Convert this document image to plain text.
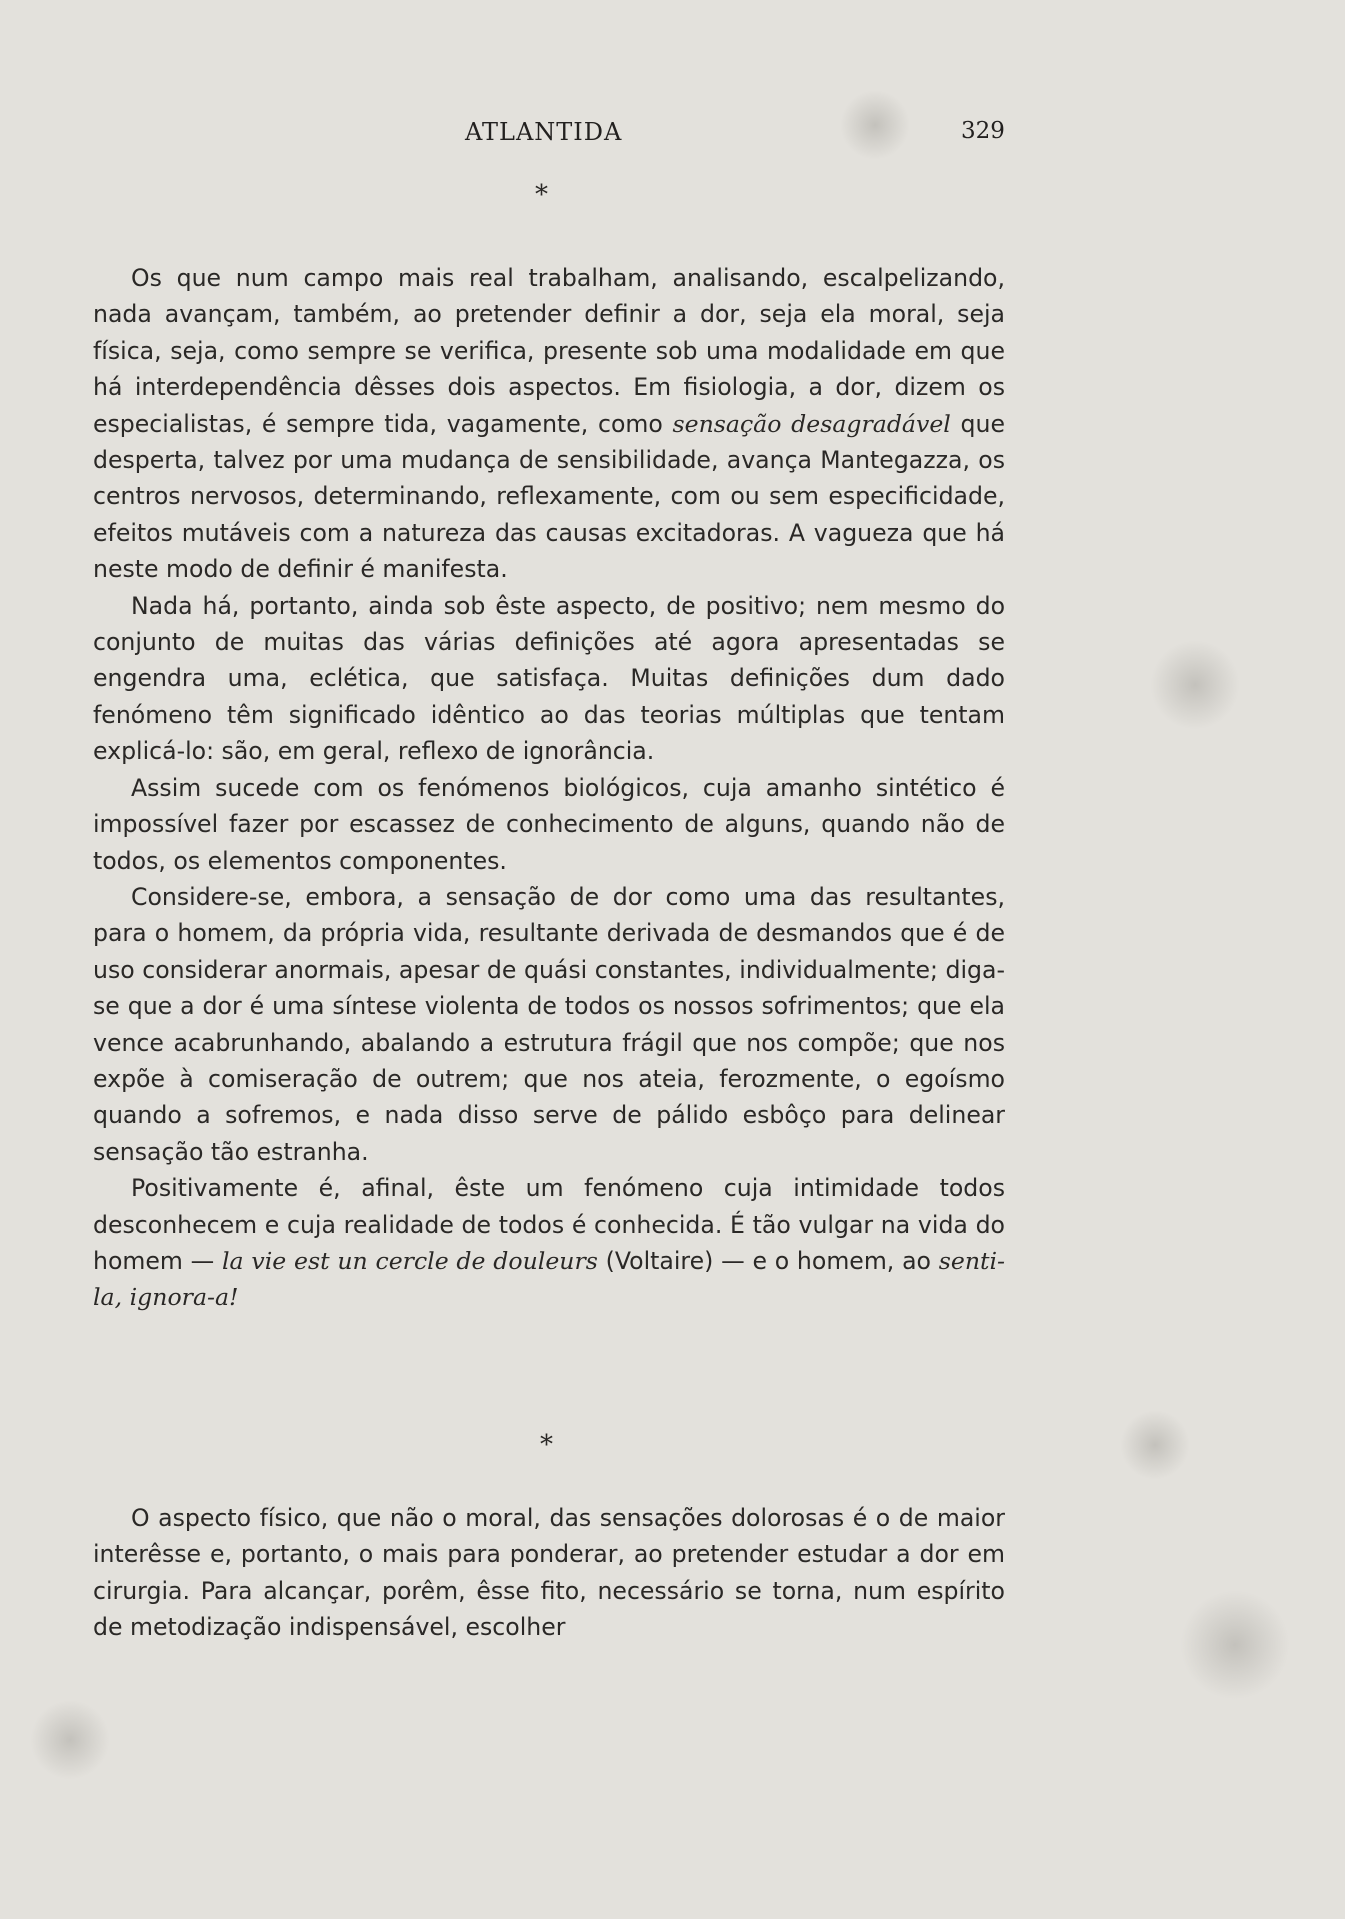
ATLANTIDA	329
*

Os que num campo mais real trabalham, analisando, escalpelizando, nada avançam, também, ao pretender definir a dor, seja ela moral, seja física, seja, como sempre se verifica, presente sob uma modalidade em que há interdependência dêsses dois aspectos. Em fisiologia, a dor, dizem os especialistas, é sempre tida, vagamente, como sensação desagradável que desperta, talvez por uma mudança de sensibilidade, avança Mantegazza, os centros nervosos, determinando, reflexamente, com ou sem especificidade, efeitos mutáveis com a natureza das causas excitadoras. A vagueza que há neste modo de definir é manifesta.

Nada há, portanto, ainda sob êste aspecto, de positivo; nem mesmo do conjunto de muitas das várias definições até agora apresentadas se engendra uma, eclética, que satisfaça. Muitas definições dum dado fenómeno têm significado idêntico ao das teorias múltiplas que tentam explicá-lo: são, em geral, reflexo de ignorância.

Assim sucede com os fenómenos biológicos, cuja amanho sintético é impossível fazer por escassez de conhecimento de alguns, quando não de todos, os elementos componentes.

Considere-se, embora, a sensação de dor como uma das resultantes, para o homem, da própria vida, resultante derivada de desmandos que é de uso considerar anormais, apesar de quási constantes, individualmente; diga-se que a dor é uma síntese violenta de todos os nossos sofrimentos; que ela vence acabrunhando, abalando a estrutura frágil que nos compõe; que nos expõe à comiseração de outrem; que nos ateia, ferozmente, o egoísmo quando a sofremos, e nada disso serve de pálido esbôço para delinear sensação tão estranha.

Positivamente é, afinal, êste um fenómeno cuja intimidade todos desconhecem e cuja realidade de todos é conhecida. É tão vulgar na vida do homem — la vie est un cercle de douleurs (Voltaire) — e o homem, ao senti-la, ignora-a!

*

O aspecto físico, que não o moral, das sensações dolorosas é o de maior interêsse e, portanto, o mais para ponderar, ao pretender estudar a dor em cirurgia. Para alcançar, porêm, êsse fito, necessário se torna, num espírito de metodização indispensável, escolher
